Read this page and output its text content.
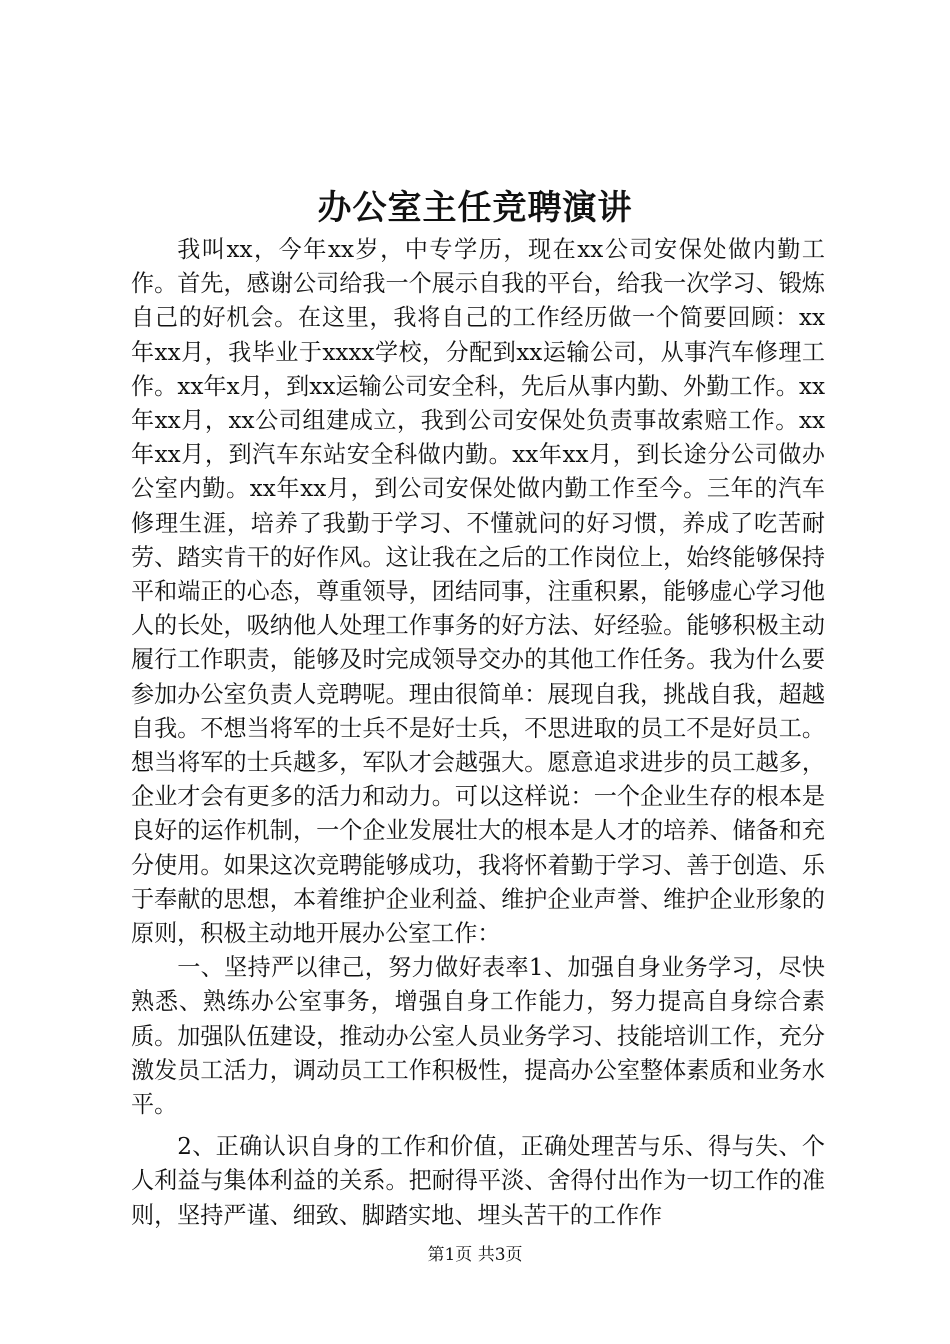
办公室主任竞聘演讲

我叫xx，今年xx岁，中专学历，现在xx公司安保处做内勤工作。首先，感谢公司给我一个展示自我的平台，给我一次学习、锻炼自己的好机会。在这里，我将自己的工作经历做一个简要回顾：xx年xx月，我毕业于xxxx学校，分配到xx运输公司，从事汽车修理工作。xx年x月，到xx运输公司安全科，先后从事内勤、外勤工作。xx年xx月，xx公司组建成立，我到公司安保处负责事故索赔工作。xx年xx月，到汽车东站安全科做内勤。xx年xx月，到长途分公司做办公室内勤。xx年xx月，到公司安保处做内勤工作至今。三年的汽车修理生涯，培养了我勤于学习、不懂就问的好习惯，养成了吃苦耐劳、踏实肯干的好作风。这让我在之后的工作岗位上，始终能够保持平和端正的心态，尊重领导，团结同事，注重积累，能够虚心学习他人的长处，吸纳他人处理工作事务的好方法、好经验。能够积极主动履行工作职责，能够及时完成领导交办的其他工作任务。我为什么要参加办公室负责人竞聘呢。理由很简单：展现自我，挑战自我，超越自我。不想当将军的士兵不是好士兵，不思进取的员工不是好员工。想当将军的士兵越多，军队才会越强大。愿意追求进步的员工越多，企业才会有更多的活力和动力。可以这样说：一个企业生存的根本是良好的运作机制，一个企业发展壮大的根本是人才的培养、储备和充分使用。如果这次竞聘能够成功，我将怀着勤于学习、善于创造、乐于奉献的思想，本着维护企业利益、维护企业声誉、维护企业形象的原则，积极主动地开展办公室工作：

一、坚持严以律己，努力做好表率1、加强自身业务学习，尽快熟悉、熟练办公室事务，增强自身工作能力，努力提高自身综合素质。加强队伍建设，推动办公室人员业务学习、技能培训工作，充分激发员工活力，调动员工工作积极性，提高办公室整体素质和业务水平。

2、正确认识自身的工作和价值，正确处理苦与乐、得与失、个人利益与集体利益的关系。把耐得平淡、舍得付出作为一切工作的准则，坚持严谨、细致、脚踏实地、埋头苦干的工作作

第1页 共3页
